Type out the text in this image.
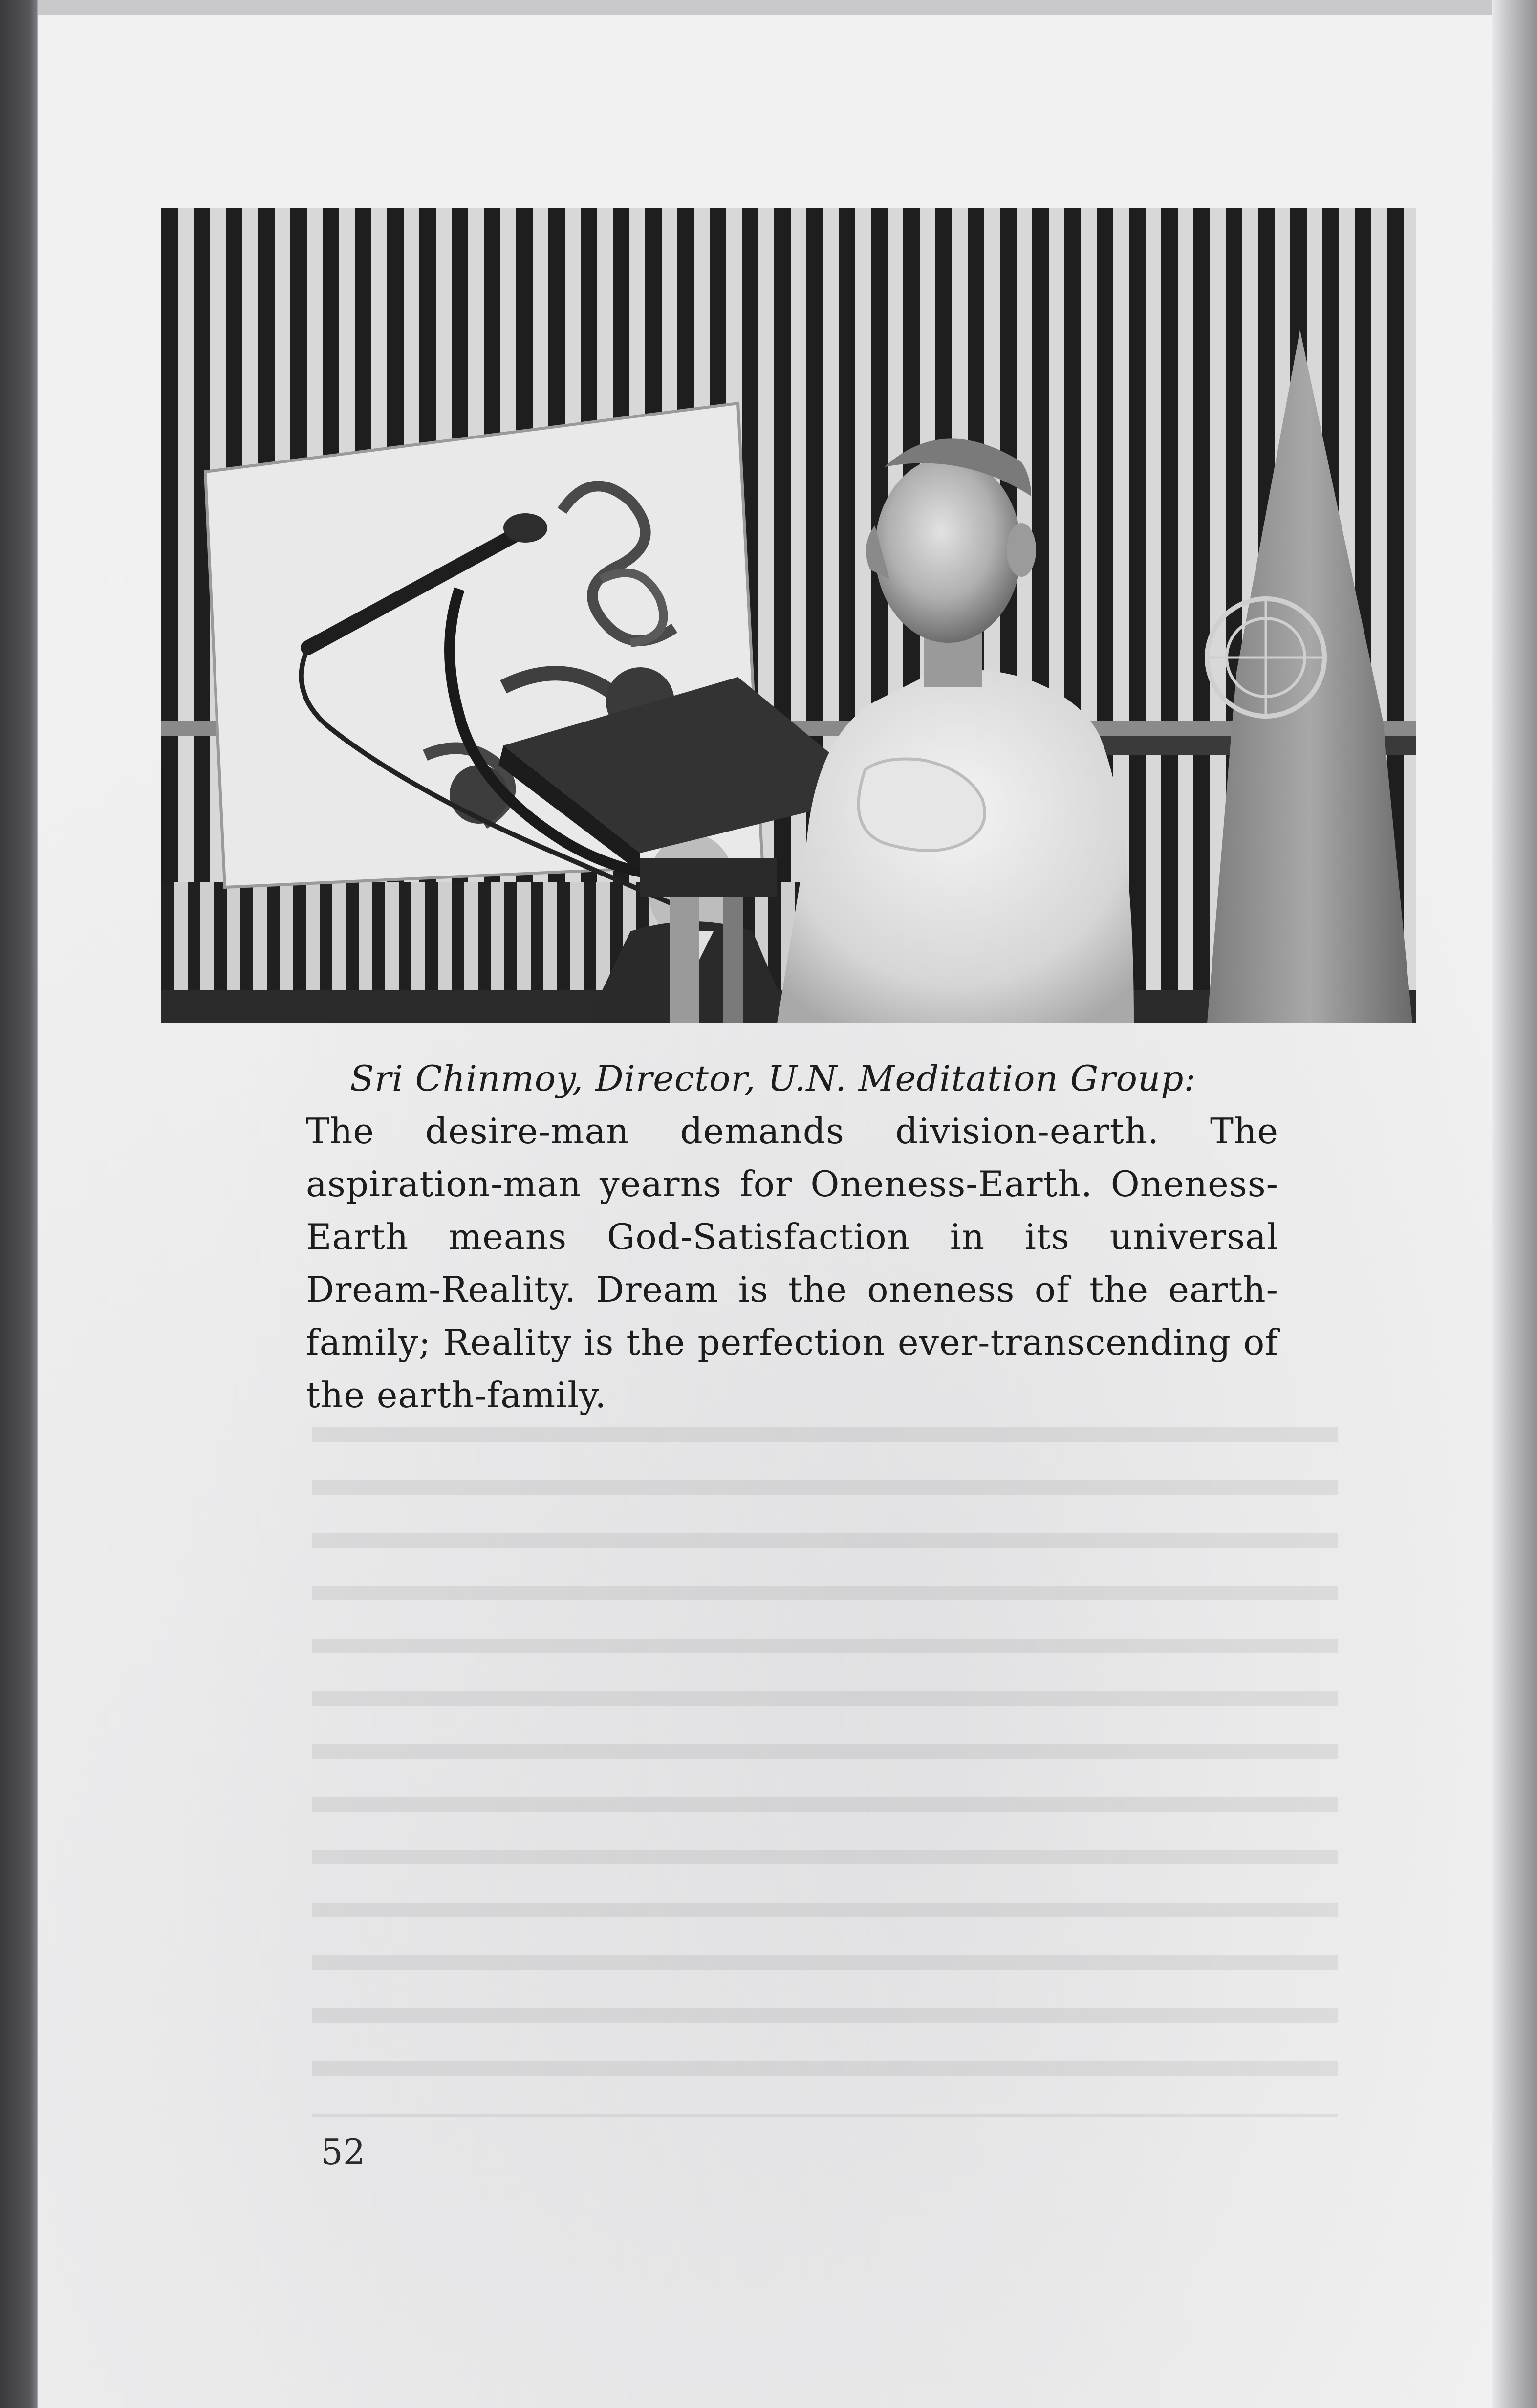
Sri Chinmoy, Director, U.N. Meditation Group:
The desire-man demands division-earth. The aspiration-man yearns for Oneness-Earth. Oneness-Earth means God-Satisfaction in its universal Dream-Reality. Dream is the oneness of the earth-family; Reality is the perfection ever-transcending of the earth-family.
52
